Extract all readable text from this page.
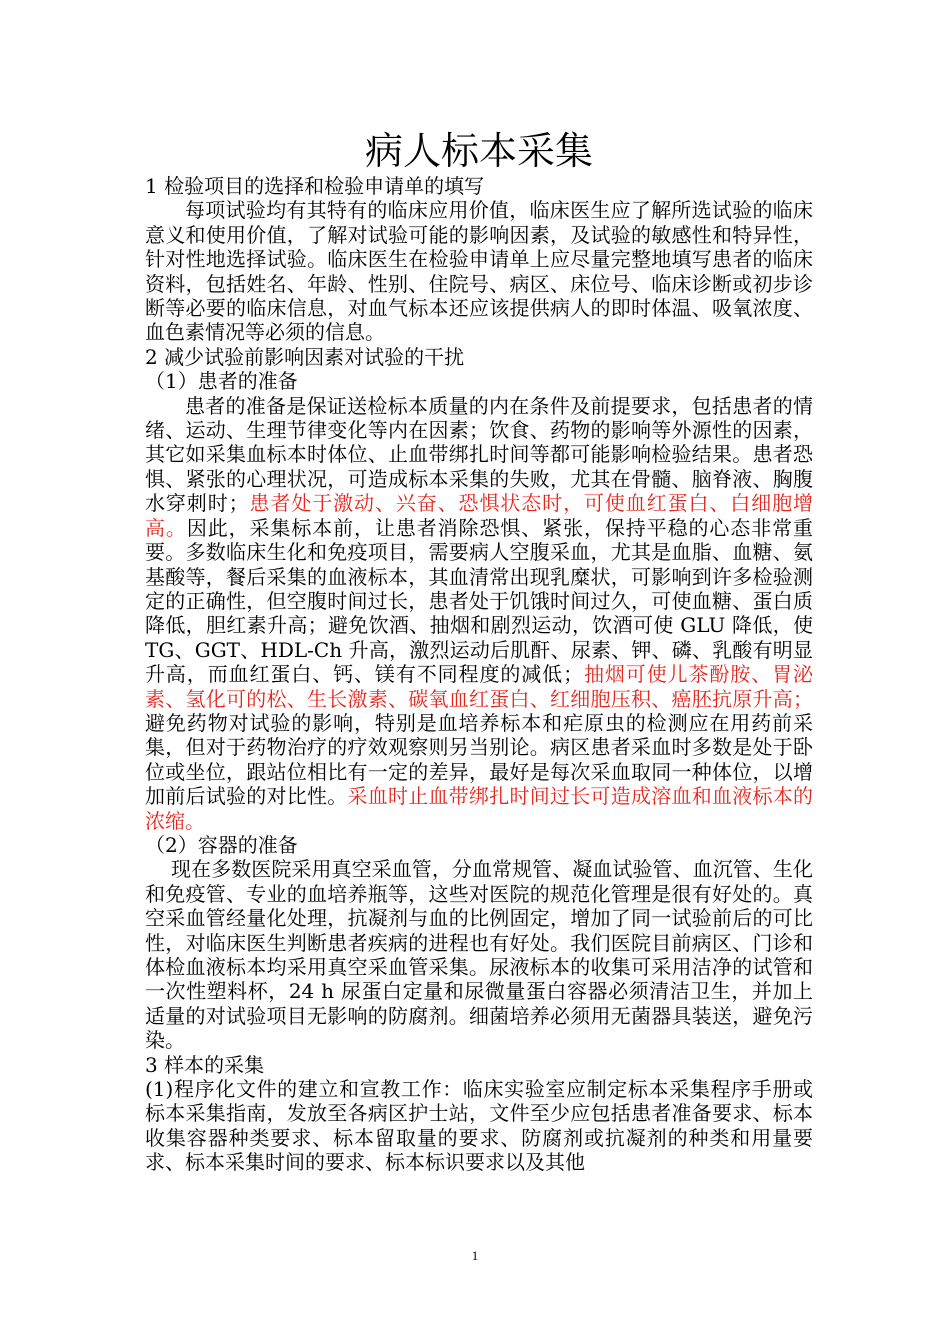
病人标本采集

1 检验项目的选择和检验申请单的填写

每项试验均有其特有的临床应用价值，临床医生应了解所选试验的临床意义和使用价值，了解对试验可能的影响因素，及试验的敏感性和特异性，针对性地选择试验。临床医生在检验申请单上应尽量完整地填写患者的临床资料，包括姓名、年龄、性别、住院号、病区、床位号、临床诊断或初步诊断等必要的临床信息，对血气标本还应该提供病人的即时体温、吸氧浓度、血色素情况等必须的信息。

2 减少试验前影响因素对试验的干扰

（1）患者的准备

患者的准备是保证送检标本质量的内在条件及前提要求，包括患者的情绪、运动、生理节律变化等内在因素；饮食、药物的影响等外源性的因素，其它如采集血标本时体位、止血带绑扎时间等都可能影响检验结果。患者恐惧、紧张的心理状况，可造成标本采集的失败，尤其在骨髓、脑脊液、胸腹水穿刺时；患者处于激动、兴奋、恐惧状态时，可使血红蛋白、白细胞增高。因此，采集标本前，让患者消除恐惧、紧张，保持平稳的心态非常重要。多数临床生化和免疫项目，需要病人空腹采血，尤其是血脂、血糖、氨基酸等，餐后采集的血液标本，其血清常出现乳糜状，可影响到许多检验测定的正确性，但空腹时间过长，患者处于饥饿时间过久，可使血糖、蛋白质降低，胆红素升高；避免饮酒、抽烟和剧烈运动，饮酒可使 GLU 降低，使 TG、GGT、HDL-Ch 升高，激烈运动后肌酐、尿素、钾、磷、乳酸有明显升高，而血红蛋白、钙、镁有不同程度的减低；抽烟可使儿茶酚胺、胃泌素、氢化可的松、生长激素、碳氧血红蛋白、红细胞压积、癌胚抗原升高；避免药物对试验的影响，特别是血培养标本和疟原虫的检测应在用药前采集，但对于药物治疗的疗效观察则另当别论。病区患者采血时多数是处于卧位或坐位，跟站位相比有一定的差异，最好是每次采血取同一种体位，以增加前后试验的对比性。采血时止血带绑扎时间过长可造成溶血和血液标本的浓缩。

（2）容器的准备

现在多数医院采用真空采血管，分血常规管、凝血试验管、血沉管、生化和免疫管、专业的血培养瓶等，这些对医院的规范化管理是很有好处的。真空采血管经量化处理，抗凝剂与血的比例固定，增加了同一试验前后的可比性，对临床医生判断患者疾病的进程也有好处。我们医院目前病区、门诊和体检血液标本均采用真空采血管采集。尿液标本的收集可采用洁净的试管和一次性塑料杯，24 h 尿蛋白定量和尿微量蛋白容器必须清洁卫生，并加上适量的对试验项目无影响的防腐剂。细菌培养必须用无菌器具装送，避免污染。

3 样本的采集

(1)程序化文件的建立和宣教工作：临床实验室应制定标本采集程序手册或标本采集指南，发放至各病区护士站，文件至少应包括患者准备要求、标本收集容器种类要求、标本留取量的要求、防腐剂或抗凝剂的种类和用量要求、标本采集时间的要求、标本标识要求以及其他

1
